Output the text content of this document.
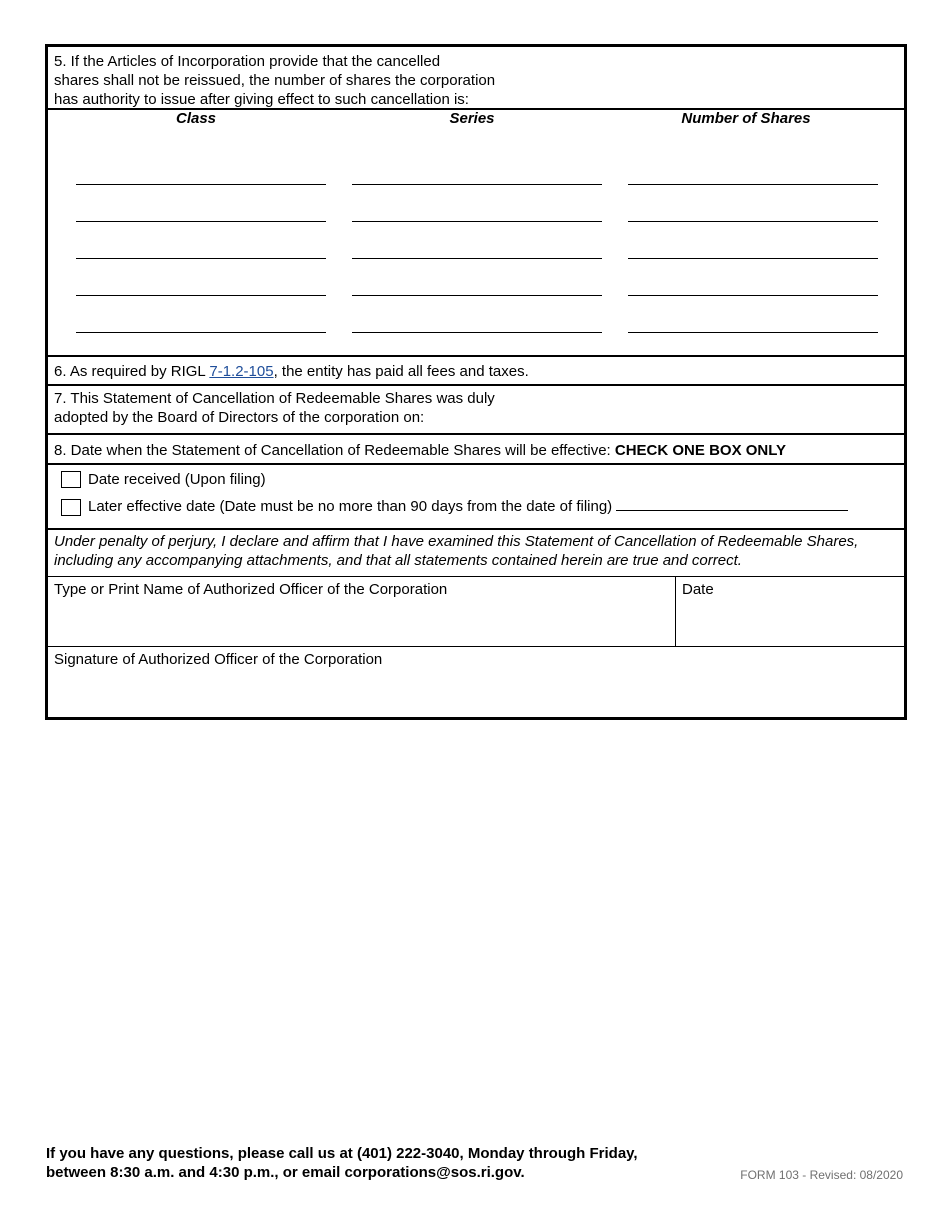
5. If the Articles of Incorporation provide that the cancelled
shares shall not be reissued, the number of shares the corporation
has authority to issue after giving effect to such cancellation is:
Class	Series	Number of Shares
6. As required by RIGL 7-1.2-105, the entity has paid all fees and taxes.
7. This Statement of Cancellation of Redeemable Shares was duly
adopted by the Board of Directors of the corporation on:
8. Date when the Statement of Cancellation of Redeemable Shares will be effective: CHECK ONE BOX ONLY
Date received (Upon filing)
Later effective date (Date must be no more than 90 days from the date of filing)
Under penalty of perjury, I declare and affirm that I have examined this Statement of Cancellation of Redeemable Shares,
including any accompanying attachments, and that all statements contained herein are true and correct.
Type or Print Name of Authorized Officer of the Corporation	Date
Signature of Authorized Officer of the Corporation
If you have any questions, please call us at (401) 222-3040, Monday through Friday,
between 8:30 a.m. and 4:30 p.m., or email corporations@sos.ri.gov.	FORM 103 - Revised: 08/2020
